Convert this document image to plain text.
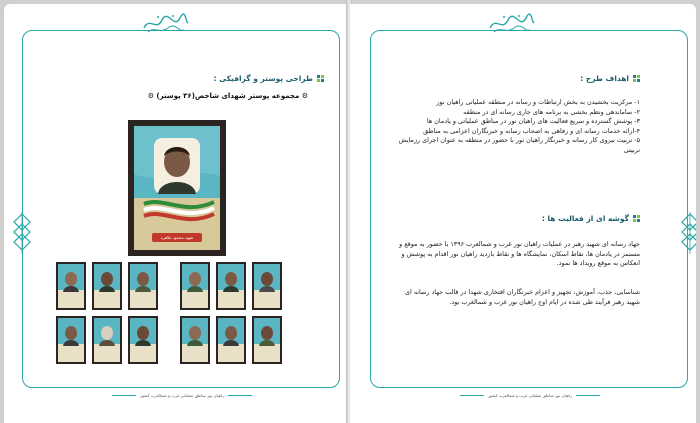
طراحی پوستر و گرافیکی :
⚙ مجموعه پوستر شهدای شاخص(۳۶ پوستر) ⚙
شهید محمود طاهره
راهیان نور مناطق عملیاتی غرب و شمالغرب کشور
اهداف طرح :
۱- مرکزیت بخشیدن به بخش ارتباطات و رسانه در منطقه عملیاتی راهیان نور
۲- ساماندهی ونظم بخشی به برنامه های جاری رسانه ای در منطقه
۳- پوشش گسترده و سریع فعالیت های راهیان نور در مناطق عملیاتی و یادمان ها
۴-ارائه خدمات رسانه ای و رفاهی به اصحاب رسانه و خبرنگاران اعزامی به مناطق
۵- تربیت نیروی کار رسانه و خبرنگار راهیان نور با حضور در منطقه به عنوان اجرای رزمایش تربیتی
گوشه ای از فعالیت ها :
جهاد رسانه ای شهید رهبر در عملیات راهیان نور غرب و شمالغرب ۱۳۹۶ با حضور به موقع و مستمر در یادمان ها، نقاط اسکان، نمایشگاه ها و نقاط بازدید راهیان نور اقدام به پوشش و انعکاس به موقع رویداد ها نمود.
شناسایی، جذب، آموزش، تجهیز و اعزام خبرنگاران افتخاری شهدا در قالب جهاد رسانه ای شهید رهبر فرآیند طی شده در ایام اوج راهیان نور غرب و شمالغرب بود.
راهیان نور مناطق عملیاتی غرب و شمالغرب کشور
